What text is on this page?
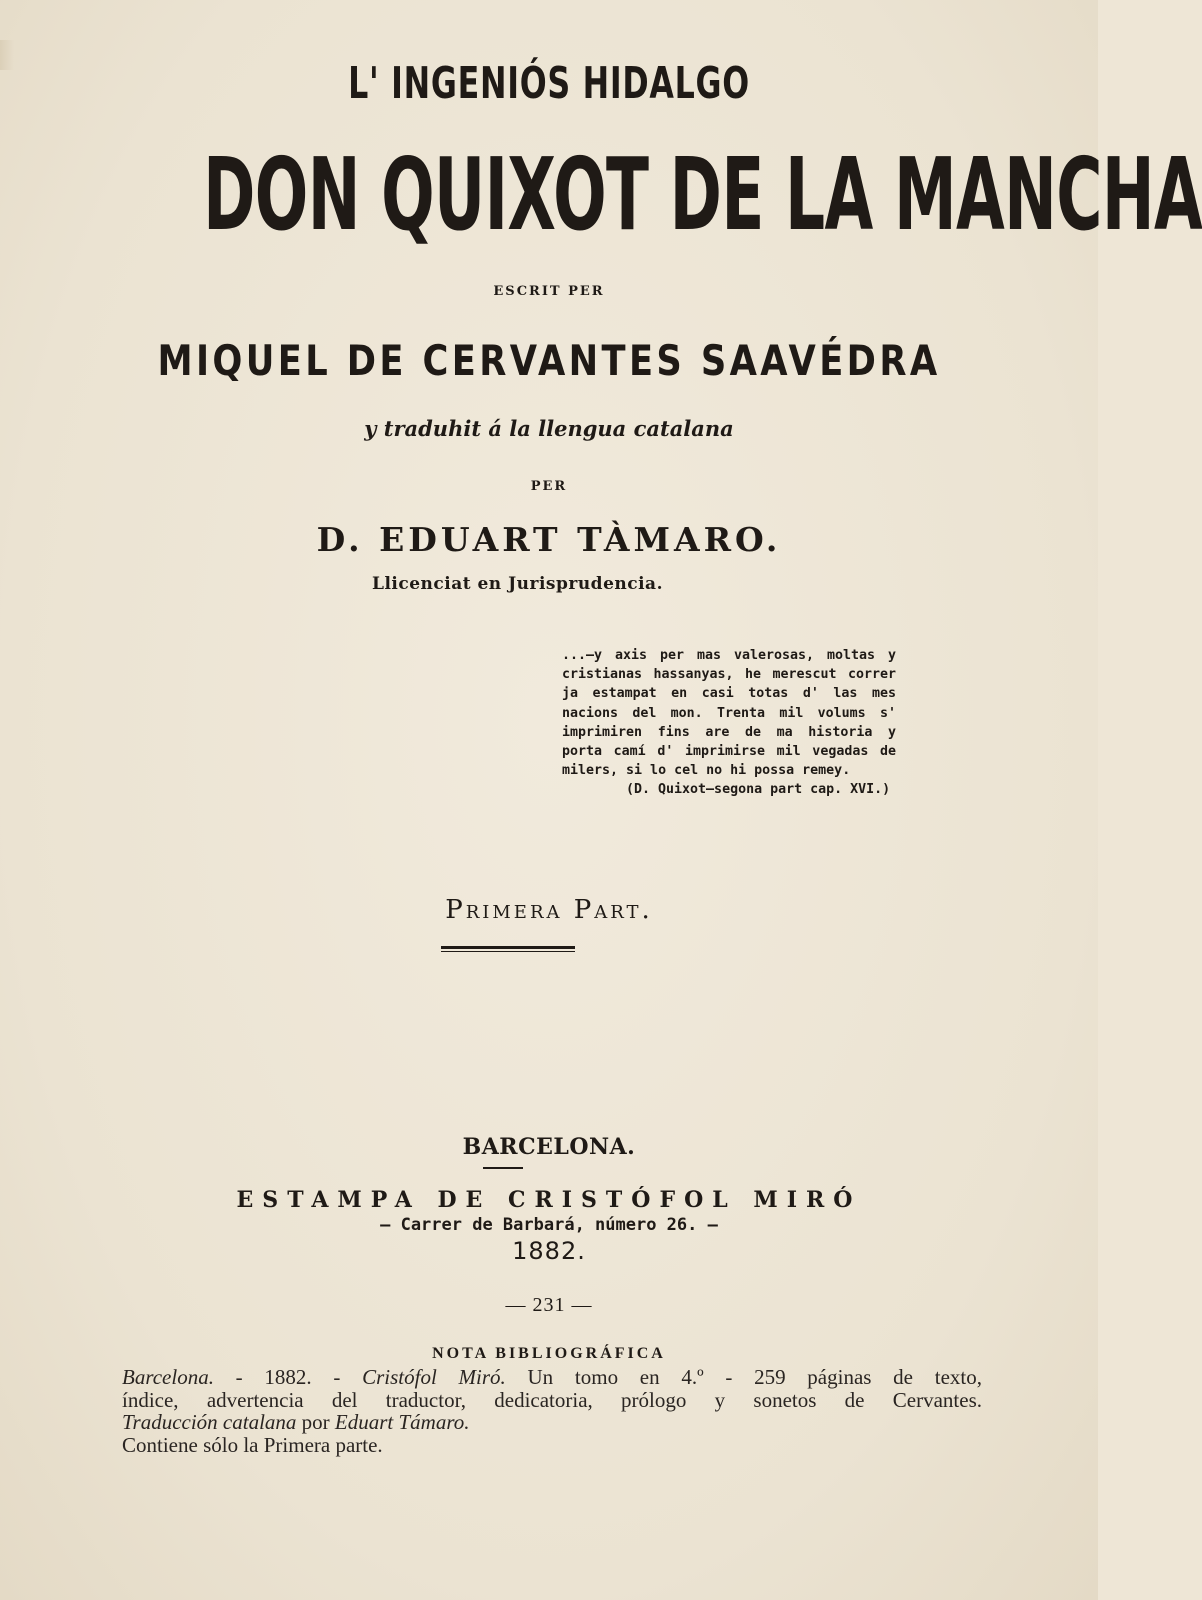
L' INGENIÓS HIDALGO
DON QUIXOT DE LA MANCHA
ESCRIT PER
MIQUEL DE CERVANTES SAAVÉDRA
y traduhit á la llengua catalana
PER
D. EDUART TÀMARO.
Llicenciat en Jurisprudencia.
...—y axis per mas valerosas, moltas y cristianas hassanyas, he merescut correr ja estampat en casi totas d' las mes nacions del mon. Trenta mil volums s' imprimiren fins are de ma historia y porta camí d' imprimirse mil vegadas de milers, si lo cel no hi possa remey.
(D. Quixot—segona part cap. XVI.)
Primera Part.
BARCELONA.
ESTAMPA DE CRISTÓFOL MIRÓ
— Carrer de Barbará, número 26. —
1882.
— 231 —
NOTA BIBLIOGRÁFICA
Barcelona. - 1882. - Cristófol Miró. Un tomo en 4.º - 259 páginas de texto,
índice, advertencia del traductor, dedicatoria, prólogo y sonetos de Cervantes.
Traducción catalana por Eduart Támaro.
Contiene sólo la Primera parte.
